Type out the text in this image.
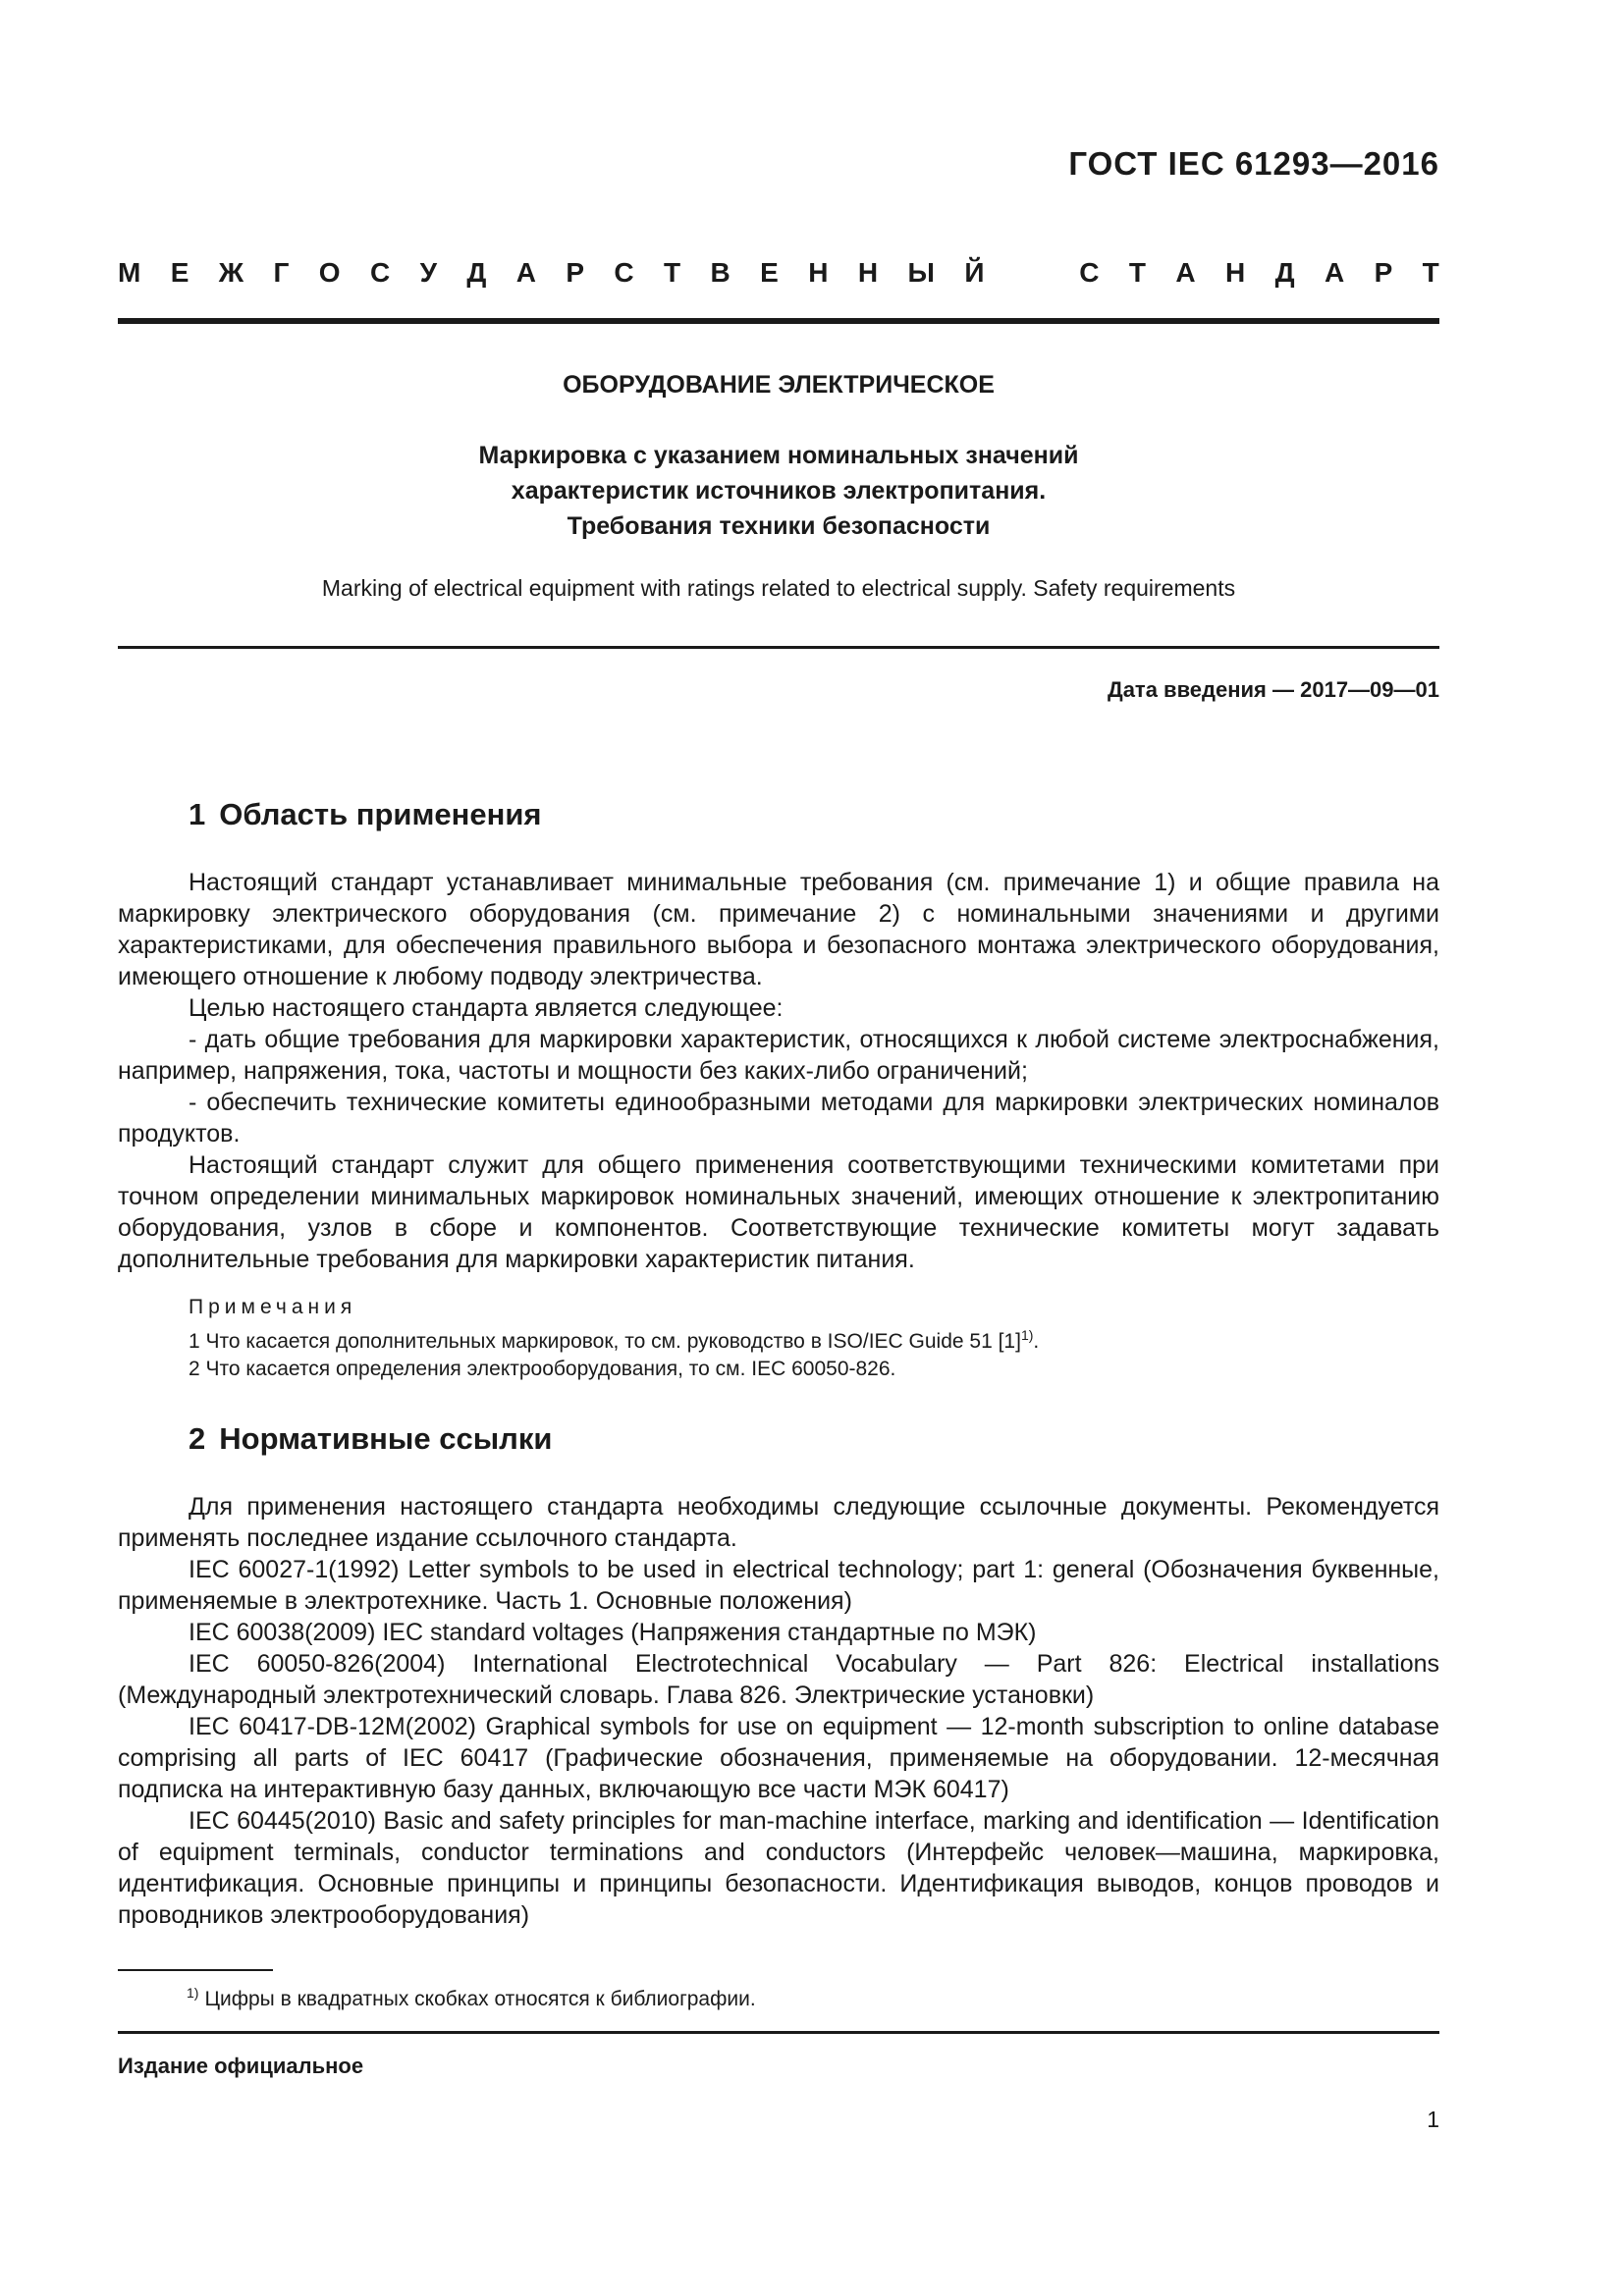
ГОСТ IEC 61293—2016
М Е Ж Г О С У Д А Р С Т В Е Н Н Ы Й	С Т А Н Д А Р Т
ОБОРУДОВАНИЕ ЭЛЕКТРИЧЕСКОЕ
Маркировка с указанием номинальных значений
характеристик источников электропитания.
Требования техники безопасности
Marking of electrical equipment with ratings related to electrical supply. Safety requirements
Дата введения — 2017—09—01
1 Область применения

Настоящий стандарт устанавливает минимальные требования (см. примечание 1) и общие правила на маркировку электрического оборудования (см. примечание 2) с номинальными значениями и другими характеристиками, для обеспечения правильного выбора и безопасного монтажа электрического оборудования, имеющего отношение к любому подводу электричества.

Целью настоящего стандарта является следующее:

- дать общие требования для маркировки характеристик, относящихся к любой системе электроснабжения, например, напряжения, тока, частоты и мощности без каких-либо ограничений;

- обеспечить технические комитеты единообразными методами для маркировки электрических номиналов продуктов.

Настоящий стандарт служит для общего применения соответствующими техническими комитетами при точном определении минимальных маркировок номинальных значений, имеющих отношение к электропитанию оборудования, узлов в сборе и компонентов. Соответствующие технические комитеты могут задавать дополнительные требования для маркировки характеристик питания.

Примечания
1 Что касается дополнительных маркировок, то см. руководство в ISO/IEC Guide 51 $[1]^{1)}$.
2 Что касается определения электрооборудования, то см. IEC 60050-826.
2 Нормативные ссылки

Для применения настоящего стандарта необходимы следующие ссылочные документы. Рекомендуется применять последнее издание ссылочного стандарта.

IEC 60027-1(1992) Letter symbols to be used in electrical technology; part 1: general (Обозначения буквенные, применяемые в электротехнике. Часть 1. Основные положения)

IEC 60038(2009) IEC standard voltages (Напряжения стандартные по МЭК)

IEC 60050-826(2004) International Electrotechnical Vocabulary — Part 826: Electrical installations (Международный электротехнический словарь. Глава 826. Электрические установки)

IEC 60417-DB-12M(2002) Graphical symbols for use on equipment — 12-month subscription to online database comprising all parts of IEC 60417 (Графические обозначения, применяемые на оборудовании. 12-месячная подписка на интерактивную базу данных, включающую все части МЭК 60417)

IEC 60445(2010) Basic and safety principles for man-machine interface, marking and identification — Identification of equipment terminals, conductor terminations and conductors (Интерфейс человек—машина, маркировка, идентификация. Основные принципы и принципы безопасности. Идентификация выводов, концов проводов и проводников электрооборудования)

$^{1)}$ Цифры в квадратных скобках относятся к библиографии.
Издание официальное
1
